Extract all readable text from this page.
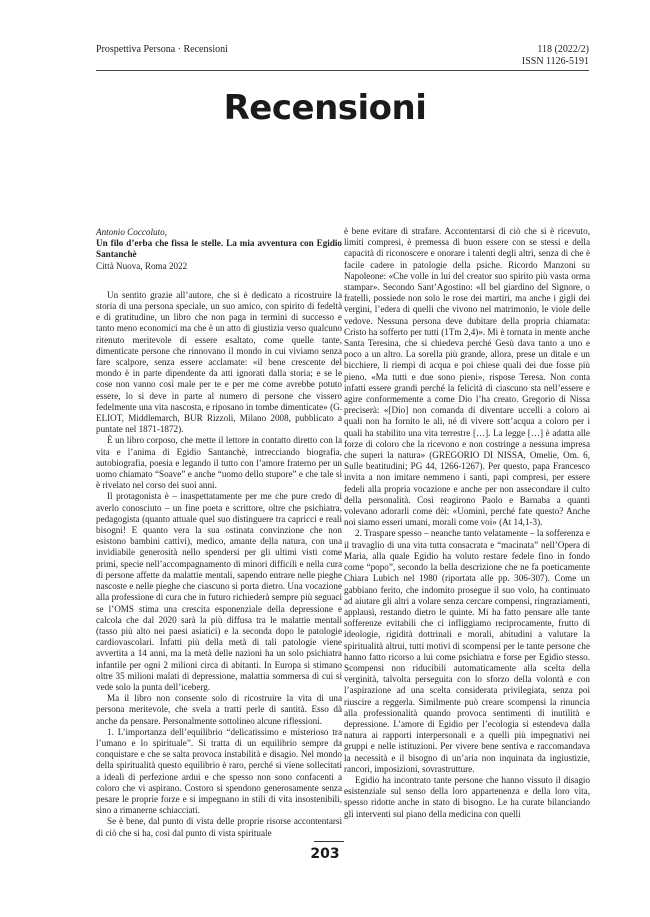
Prospettiva Persona · Recensioni	118 (2022/2)
ISSN 1126-5191
Recensioni
Antonio Coccoluto,
Un filo d’erba che fissa le stelle. La mia avventura con Egidio Santanchè
Città Nuova, Roma 2022

Un sentito grazie all’autore, che si è dedicato a ricostruire la storia di una persona speciale, un suo amico, con spirito di fedeltà e di gratitudine, un libro che non paga in termini di successo e tanto meno economici ma che è un atto di giustizia verso qualcuno ritenuto meritevole di essere esaltato, come quelle tante, dimenticate persone che rinnovano il mondo in cui viviamo senza fare scalpore, senza essere acclamate: «il bene crescente del mondo è in parte dipendente da atti ignorati dalla storia; e se le cose non vanno così male per te e per me come avrebbe potuto essere, lo si deve in parte al numero di persone che vissero fedelmente una vita nascosta, e riposano in tombe dimenticate» (G. ELIOT, Middlemarch, BUR Rizzoli, Milano 2008, pubblicato a puntate nel 1871-1872).

È un libro corposo, che mette il lettore in contatto diretto con la vita e l’anima di Egidio Santanchè, intrecciando biografia, autobiografia, poesia e legando il tutto con l’amore fraterno per un uomo chiamato “Soave” e anche “uomo dello stupore” e che tale si è rivelato nel corso dei suoi anni.

Il protagonista è – inaspettatamente per me che pure credo di averlo conosciuto – un fine poeta e scrittore, oltre che psichiatra, pedagogista (quanto attuale quel suo distinguere tra capricci e reali bisogni! E quanto vera la sua ostinata convinzione che non esistono bambini cattivi), medico, amante della natura, con una invidiabile generosità nello spendersi per gli ultimi visti come primi, specie nell’accompagnamento di minori difficili e nella cura di persone affette da malattie mentali, sapendo entrare nelle pieghe nascoste e nelle pieghe che ciascuno si porta dietro. Una vocazione alla professione di cura che in futuro richiederà sempre più seguaci se l’OMS stima una crescita esponenziale della depressione e calcola che dal 2020 sarà la più diffusa tra le malattie mentali (tasso più alto nei paesi asiatici) e la seconda dopo le patologie cardiovascolari. Infatti più della metà di tali patologie viene avvertita a 14 anni, ma la metà delle nazioni ha un solo psichiatra infantile per ogni 2 milioni circa di abitanti. In Europa si stimano oltre 35 milioni malati di depressione, malattia sommersa di cui si vede solo la punta dell’iceberg.

Ma il libro non consente solo di ricostruire la vita di una persona meritevole, che svela a tratti perle di santità. Esso dà anche da pensare. Personalmente sottolineo alcune riflessioni.

1. L’importanza dell’equilibrio “delicatissimo e misterioso tra l’umano e lo spirituale”. Si tratta di un equilibrio sempre da conquistare e che se salta provoca instabilità e disagio. Nel mondo della spiritualità questo equilibrio è raro, perché si viene sollecitati a ideali di perfezione ardui e che spesso non sono confacenti a coloro che vi aspirano. Costoro si spendono generosamente senza pesare le proprie forze e si impegnano in stili di vita insostenibili, sino a rimanerne schiacciati.

Se è bene, dal punto di vista delle proprie risorse accontentarsi di ciò che si ha, così dal punto di vista spirituale

è bene evitare di strafare. Accontentarsi di ciò che si è ricevuto, limiti compresi, è premessa di buon essere con se stessi e della capacità di riconoscere e onorare i talenti degli altri, senza di che è facile cadere in patologie della psiche. Ricordo Manzoni su Napoleone: «Che volle in lui del creator suo spirito più vasta orma stampar». Secondo Sant’Agostino: «Il bel giardino del Signore, o fratelli, possiede non solo le rose dei martiri, ma anche i gigli dei vergini, l’edera di quelli che vivono nel matrimonio, le viole delle vedove. Nessuna persona deve dubitare della propria chiamata: Cristo ha sofferto per tutti (1Tm 2,4)». Mi è tornata in mente anche Santa Teresina, che si chiedeva perché Gesù dava tanto a uno e poco a un altro. La sorella più grande, allora, prese un ditale e un bicchiere, li riempì di acqua e poi chiese quali dei due fosse più pieno. «Ma tutti e due sono pieni», rispose Teresa. Non conta infatti essere grandi perché la felicità di ciascuno sta nell’essere e agire conformemente a come Dio l’ha creato. Gregorio di Nissa preciserà: «[Dio] non comanda di diventare uccelli a coloro ai quali non ha fornito le ali, né di vivere sott’acqua a coloro per i quali ha stabilito una vita terrestre […]. La legge […] è adatta alle forze di coloro che la ricevono e non costringe a nessuna impresa che superi la natura» (GREGORIO DI NISSA, Omelie, Om. 6, Sulle beatitudini; PG 44, 1266-1267). Per questo, papa Francesco invita a non imitare nemmeno i santi, papi compresi, per essere fedeli alla propria vocazione e anche per non assecondare il culto della personalità. Così reagirono Paolo e Barnaba a quanti volevano adorarli come dèi: «Uomini, perché fate questo? Anche noi siamo esseri umani, morali come voi» (At 14,1-3).

2. Traspare spesso – neanche tanto velatamente – la sofferenza e il travaglio di una vita tutta consacrata e “macinata” nell’Opera di Maria, alla quale Egidio ha voluto restare fedele fino in fondo come “popo”, secondo la bella descrizione che ne fa poeticamente Chiara Lubich nel 1980 (riportata alle pp. 306-307). Come un gabbiano ferito, che indomito prosegue il suo volo, ha continuato ad aiutare gli altri a volare senza cercare compensi, ringraziamenti, applausi, restando dietro le quinte. Mi ha fatto pensare alle tante sofferenze evitabili che ci infliggiamo reciprocamente, frutto di ideologie, rigidità dottrinali e morali, abitudini a valutare la spiritualità altrui, tutti motivi di scompensi per le tante persone che hanno fatto ricorso a lui come psichiatra e forse per Egidio stesso. Scompensi non riducibili automaticamente alla scelta della verginità, talvolta perseguita con lo sforzo della volontà e con l’aspirazione ad una scelta considerata privilegiata, senza poi riuscire a reggerla. Similmente può creare scompensi la rinuncia alla professionalità quando provoca sentimenti di inutilità e depressione. L’amore di Egidio per l’ecologia si estendeva dalla natura ai rapporti interpersonali e a quelli più impegnativi nei gruppi e nelle istituzioni. Per vivere bene sentiva e raccomandava la necessità e il bisogno di un’aria non inquinata da ingiustizie, rancori, imposizioni, sovrastrutture.

Egidio ha incontrato tante persone che hanno vissuto il disagio esistenziale sul senso della loro appartenenza e della loro vita, spesso ridotte anche in stato di bisogno. Le ha curate bilanciando gli interventi sul piano della medicina con quelli

203
